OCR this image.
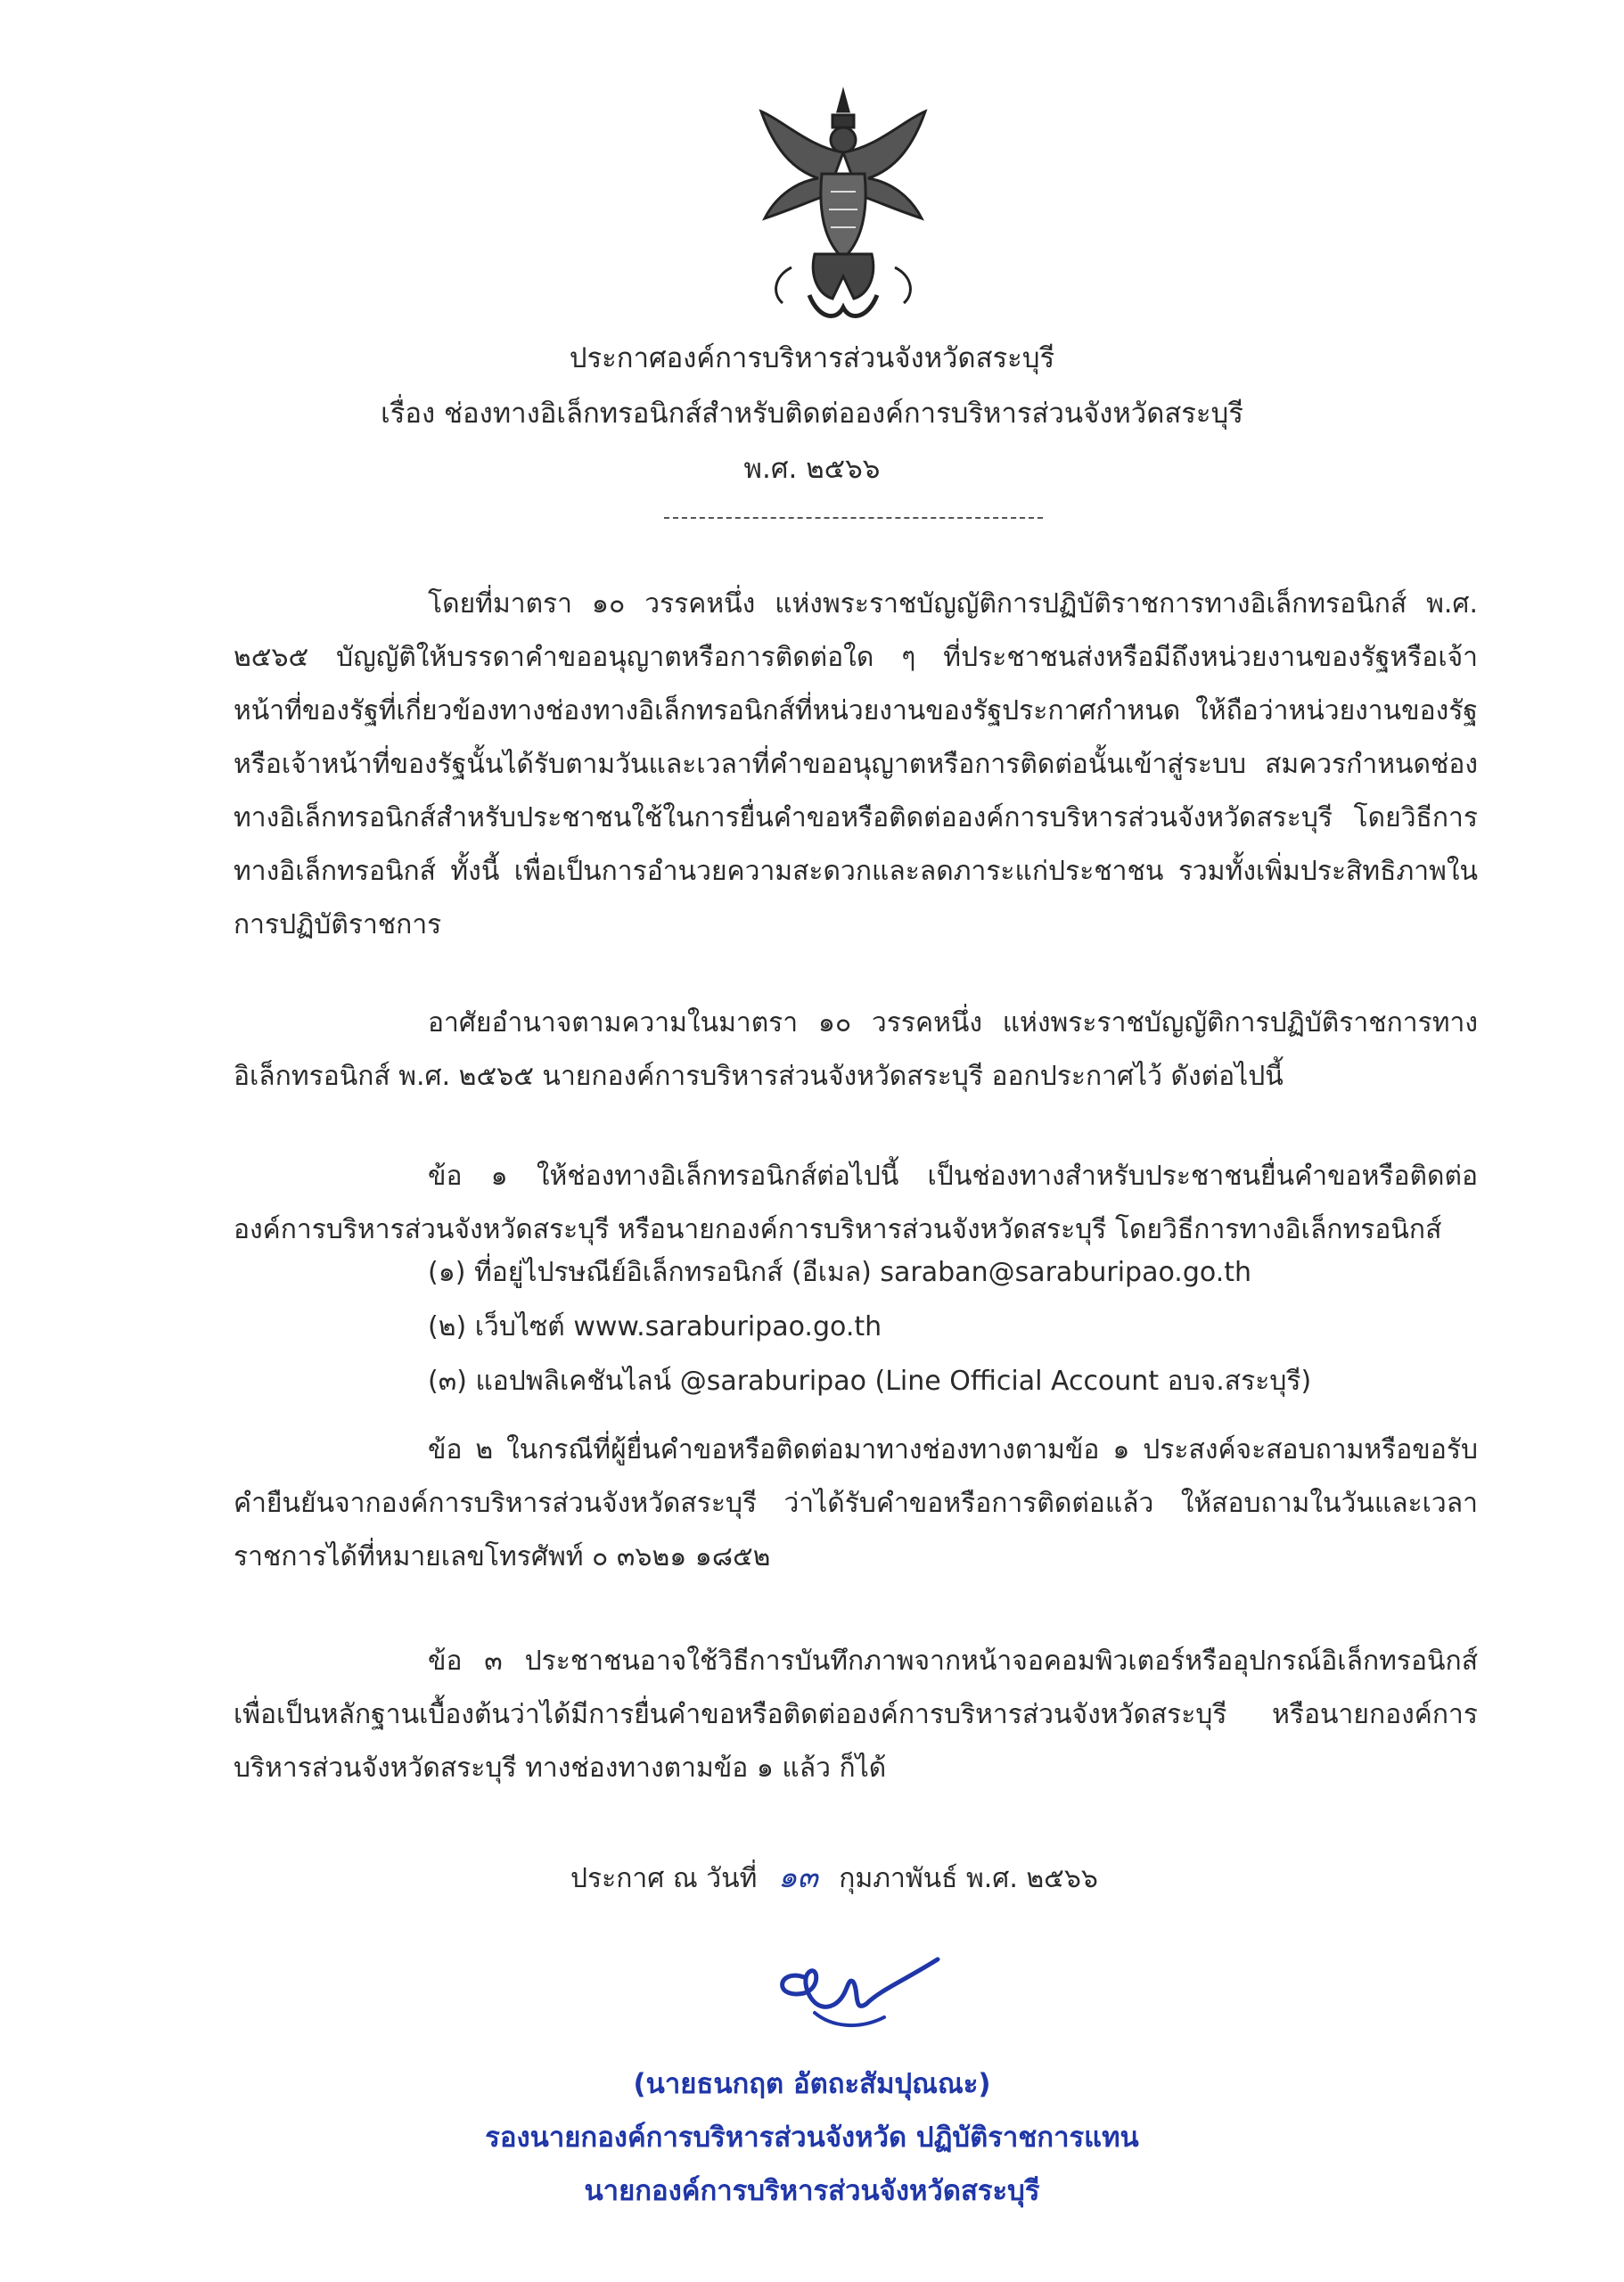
ประกาศองค์การบริหารส่วนจังหวัดสระบุรี
เรื่อง ช่องทางอิเล็กทรอนิกส์สำหรับติดต่อองค์การบริหารส่วนจังหวัดสระบุรี
พ.ศ. ๒๕๖๖

โดยที่มาตรา ๑๐ วรรคหนึ่ง แห่งพระราชบัญญัติการปฏิบัติราชการทางอิเล็กทรอนิกส์ พ.ศ. ๒๕๖๕ บัญญัติให้บรรดาคำขออนุญาตหรือการติดต่อใด ๆ ที่ประชาชนส่งหรือมีถึงหน่วยงานของรัฐหรือเจ้าหน้าที่ของรัฐที่เกี่ยวข้องทางช่องทางอิเล็กทรอนิกส์ที่หน่วยงานของรัฐประกาศกำหนด ให้ถือว่าหน่วยงานของรัฐหรือเจ้าหน้าที่ของรัฐนั้นได้รับตามวันและเวลาที่คำขออนุญาตหรือการติดต่อนั้นเข้าสู่ระบบ สมควรกำหนดช่องทางอิเล็กทรอนิกส์สำหรับประชาชนใช้ในการยื่นคำขอหรือติดต่อองค์การบริหารส่วนจังหวัดสระบุรี โดยวิธีการทางอิเล็กทรอนิกส์ ทั้งนี้ เพื่อเป็นการอำนวยความสะดวกและลดภาระแก่ประชาชน รวมทั้งเพิ่มประสิทธิภาพในการปฏิบัติราชการ

อาศัยอำนาจตามความในมาตรา ๑๐ วรรคหนึ่ง แห่งพระราชบัญญัติการปฏิบัติราชการทางอิเล็กทรอนิกส์ พ.ศ. ๒๕๖๕ นายกองค์การบริหารส่วนจังหวัดสระบุรี ออกประกาศไว้ ดังต่อไปนี้

ข้อ ๑ ให้ช่องทางอิเล็กทรอนิกส์ต่อไปนี้ เป็นช่องทางสำหรับประชาชนยื่นคำขอหรือติดต่อองค์การบริหารส่วนจังหวัดสระบุรี หรือนายกองค์การบริหารส่วนจังหวัดสระบุรี โดยวิธีการทางอิเล็กทรอนิกส์

(๑) ที่อยู่ไปรษณีย์อิเล็กทรอนิกส์ (อีเมล) saraban@saraburipao.go.th
(๒) เว็บไซต์ www.saraburipao.go.th
(๓) แอปพลิเคชันไลน์ @saraburipao (Line Official Account อบจ.สระบุรี)

ข้อ ๒ ในกรณีที่ผู้ยื่นคำขอหรือติดต่อมาทางช่องทางตามข้อ ๑ ประสงค์จะสอบถามหรือขอรับคำยืนยันจากองค์การบริหารส่วนจังหวัดสระบุรี ว่าได้รับคำขอหรือการติดต่อแล้ว ให้สอบถามในวันและเวลาราชการได้ที่หมายเลขโทรศัพท์ ๐ ๓๖๒๑ ๑๘๕๒

ข้อ ๓ ประชาชนอาจใช้วิธีการบันทึกภาพจากหน้าจอคอมพิวเตอร์หรืออุปกรณ์อิเล็กทรอนิกส์เพื่อเป็นหลักฐานเบื้องต้นว่าได้มีการยื่นคำขอหรือติดต่อองค์การบริหารส่วนจังหวัดสระบุรี หรือนายกองค์การบริหารส่วนจังหวัดสระบุรี ทางช่องทางตามข้อ ๑ แล้ว ก็ได้

ประกาศ ณ วันที่ ๑๓ กุมภาพันธ์ พ.ศ. ๒๕๖๖
(นายธนกฤต อัตถะสัมปุณณะ)
รองนายกองค์การบริหารส่วนจังหวัด ปฏิบัติราชการแทน
นายกองค์การบริหารส่วนจังหวัดสระบุรี
